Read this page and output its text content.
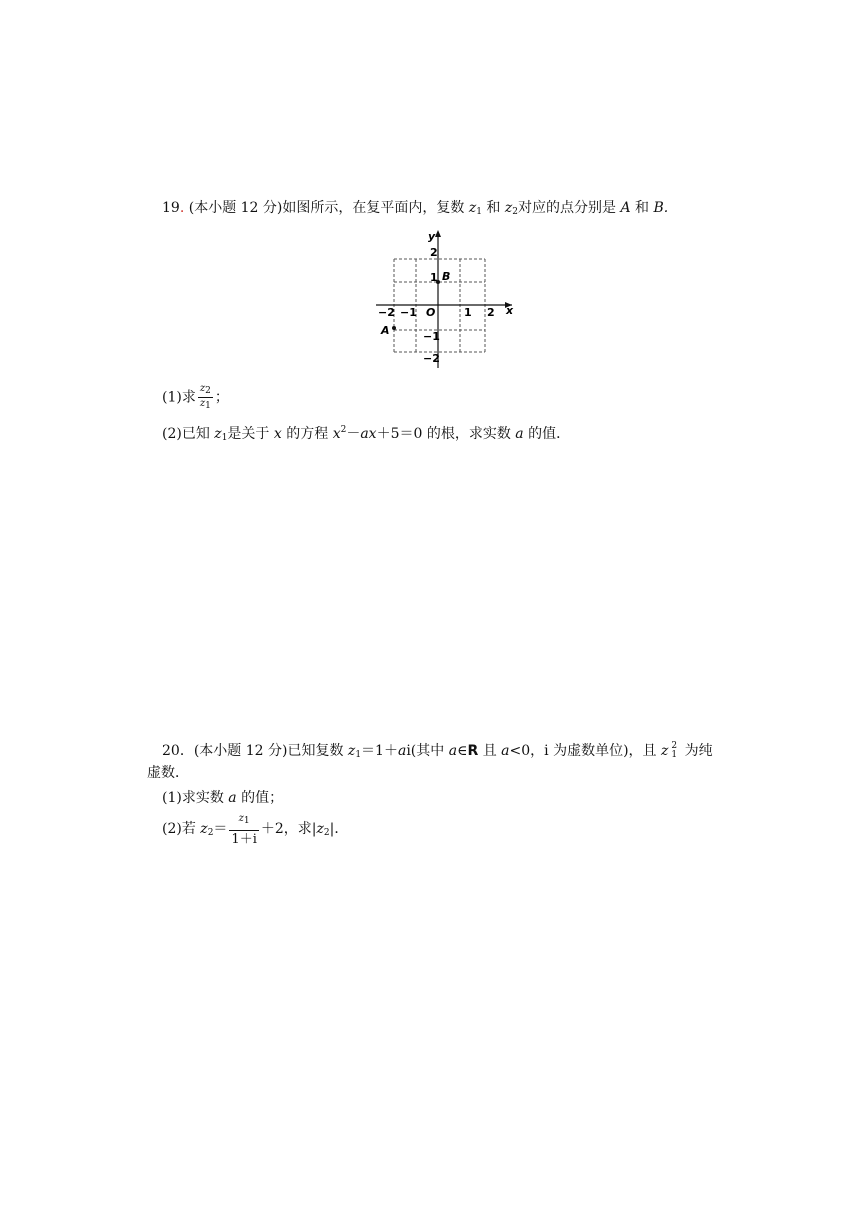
19. (本小题 12 分)如图所示，在复平面内，复数 $z_1$ 和 $z_2$对应的点分别是 A 和 B.
y
x
O
A
B
2
1
−1
−2
−2 −1	1 2
(1)求 $\frac{z2}{z1}$ ；
(2)已知 $z_1$是关于 x 的方程 $x^2-ax+5=0$ 的根，求实数 a 的值．
20．(本小题 12 分)已知复数 $z_1=1+ai$(其中 a∈R 且 a<0，i 为虚数单位)，且 z 2
1 为纯
虚数．
(1)求实数 a 的值；
(2)若 $z_2= \frac{z1}{1+i} +2$，求$|z_2|$．
